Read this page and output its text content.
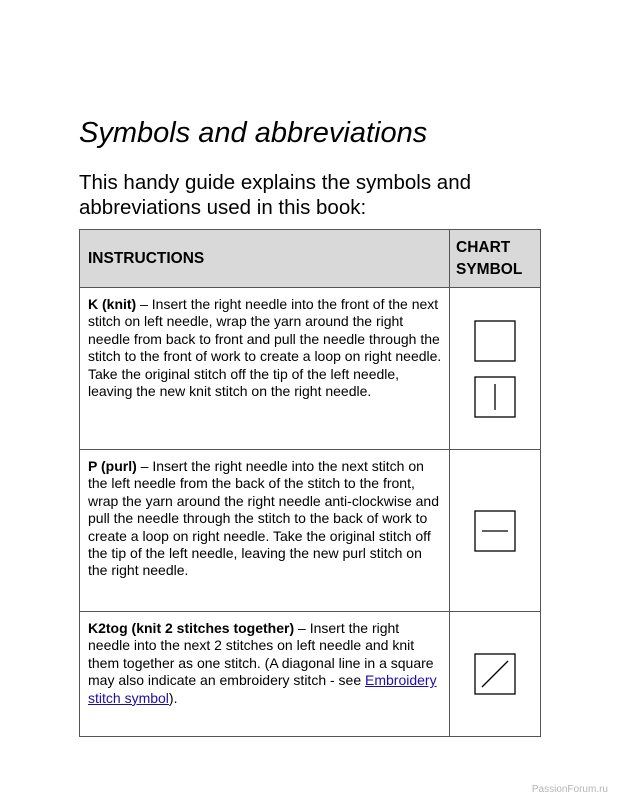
Symbols and abbreviations

This handy guide explains the symbols and abbreviations used in this book:

INSTRUCTIONS	CHART SYMBOL
K (knit) – Insert the right needle into the front of the next stitch on left needle, wrap the yarn around the right needle from back to front and pull the needle through the stitch to the front of work to create a loop on right needle. Take the original stitch off the tip of the left needle, leaving the new knit stitch on the right needle.	

P (purl) – Insert the right needle into the next stitch on the left needle from the back of the stitch to the front, wrap the yarn around the right needle anti-clockwise and pull the needle through the stitch to the back of work to create a loop on right needle. Take the original stitch off the tip of the left needle, leaving the new purl stitch on the right needle.	

K2tog (knit 2 stitches together) – Insert the right needle into the next 2 stitches on left needle and knit them together as one stitch. (A diagonal line in a square may also indicate an embroidery stitch - see Embroidery stitch symbol).	
PassionForum.ru
